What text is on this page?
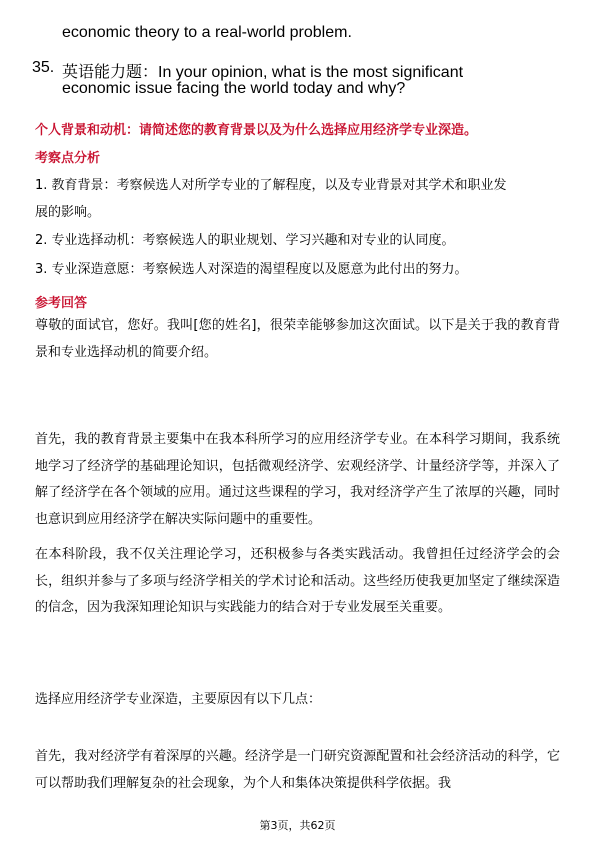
economic theory to a real-world problem.
35. 英语能力题：In your opinion, what is the most significant
economic issue facing the world today and why?
个人背景和动机：请简述您的教育背景以及为什么选择应用经济学专业深造。
考察点分析
1. 教育背景：考察候选人对所学专业的了解程度，以及专业背景对其学术和职业发
展的影响。
2. 专业选择动机：考察候选人的职业规划、学习兴趣和对专业的认同度。
3. 专业深造意愿：考察候选人对深造的渴望程度以及愿意为此付出的努力。
参考回答
尊敬的面试官，您好。我叫[您的姓名]，很荣幸能够参加这次面试。以下是关于我的教育背景和专业选择动机的简要介绍。
首先，我的教育背景主要集中在我本科所学习的应用经济学专业。在本科学习期间，我系统地学习了经济学的基础理论知识，包括微观经济学、宏观经济学、计量经济学等，并深入了解了经济学在各个领域的应用。通过这些课程的学习，我对经济学产生了浓厚的兴趣，同时也意识到应用经济学在解决实际问题中的重要性。
在本科阶段，我不仅关注理论学习，还积极参与各类实践活动。我曾担任过经济学会的会长，组织并参与了多项与经济学相关的学术讨论和活动。这些经历使我更加坚定了继续深造的信念，因为我深知理论知识与实践能力的结合对于专业发展至关重要。
选择应用经济学专业深造，主要原因有以下几点：
首先，我对经济学有着深厚的兴趣。经济学是一门研究资源配置和社会经济活动的科学，它可以帮助我们理解复杂的社会现象，为个人和集体决策提供科学依据。我
第3页，共62页
